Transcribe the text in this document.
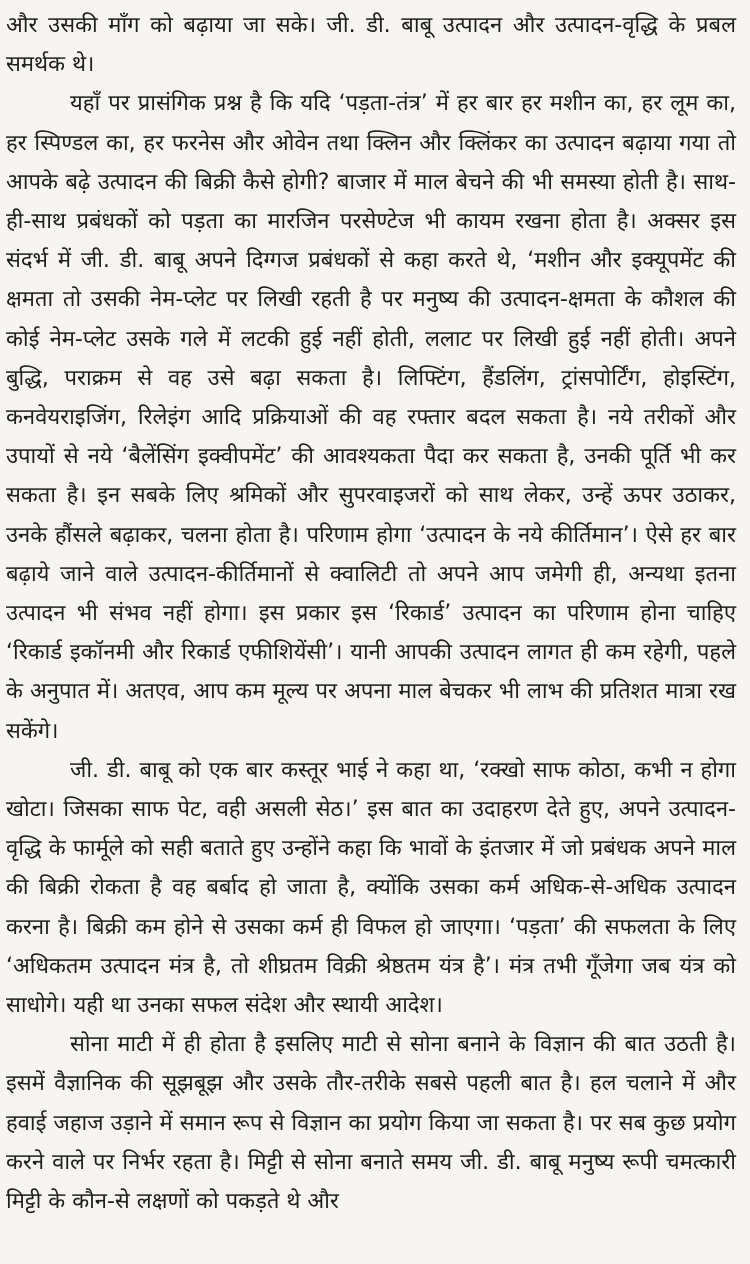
और उसकी माँग को बढ़ाया जा सके। जी. डी. बाबू उत्पादन और उत्पादन-वृद्धि के प्रबल समर्थक थे।

यहाँ पर प्रासंगिक प्रश्न है कि यदि ‘पड़ता-तंत्र’ में हर बार हर मशीन का, हर लूम का, हर स्पिण्डल का, हर फरनेस और ओवेन तथा क्लिन और क्लिंकर का उत्पादन बढ़ाया गया तो आपके बढ़े उत्पादन की बिक्री कैसे होगी? बाजार में माल बेचने की भी समस्या होती है। साथ-ही-साथ प्रबंधकों को पड़ता का मारजिन परसेण्टेज भी कायम रखना होता है। अक्सर इस संदर्भ में जी. डी. बाबू अपने दिग्गज प्रबंधकों से कहा करते थे, ‘मशीन और इक्यूपमेंट की क्षमता तो उसकी नेम-प्लेट पर लिखी रहती है पर मनुष्य की उत्पादन-क्षमता के कौशल की कोई नेम-प्लेट उसके गले में लटकी हुई नहीं होती, ललाट पर लिखी हुई नहीं होती। अपने बुद्धि, पराक्रम से वह उसे बढ़ा सकता है। लिफ्टिंग, हैंडलिंग, ट्रांसपोर्टिंग, होइस्टिंग, कनवेयराइजिंग, रिलेइंग आदि प्रक्रियाओं की वह रफ्तार बदल सकता है। नये तरीकों और उपायों से नये ‘बैलेंसिंग इक्वीपमेंट’ की आवश्यकता पैदा कर सकता है, उनकी पूर्ति भी कर सकता है। इन सबके लिए श्रमिकों और सुपरवाइजरों को साथ लेकर, उन्हें ऊपर उठाकर, उनके हौंसले बढ़ाकर, चलना होता है। परिणाम होगा ‘उत्पादन के नये कीर्तिमान’। ऐसे हर बार बढ़ाये जाने वाले उत्पादन-कीर्तिमानों से क्वालिटी तो अपने आप जमेगी ही, अन्यथा इतना उत्पादन भी संभव नहीं होगा। इस प्रकार इस ‘रिकार्ड’ उत्पादन का परिणाम होना चाहिए ‘रिकार्ड इकॉनमी और रिकार्ड एफीशियेंसी’। यानी आपकी उत्पादन लागत ही कम रहेगी, पहले के अनुपात में। अतएव, आप कम मूल्य पर अपना माल बेचकर भी लाभ की प्रतिशत मात्रा रख सकेंगे।

जी. डी. बाबू को एक बार कस्तूर भाई ने कहा था, ‘रक्खो साफ कोठा, कभी न होगा खोटा। जिसका साफ पेट, वही असली सेठ।’ इस बात का उदाहरण देते हुए, अपने उत्पादन-वृद्धि के फार्मूले को सही बताते हुए उन्होंने कहा कि भावों के इंतजार में जो प्रबंधक अपने माल की बिक्री रोकता है वह बर्बाद हो जाता है, क्योंकि उसका कर्म अधिक-से-अधिक उत्पादन करना है। बिक्री कम होने से उसका कर्म ही विफल हो जाएगा। ‘पड़ता’ की सफलता के लिए ‘अधिकतम उत्पादन मंत्र है, तो शीघ्रतम विक्री श्रेष्ठतम यंत्र है’। मंत्र तभी गूँजेगा जब यंत्र को साधोगे। यही था उनका सफल संदेश और स्थायी आदेश।

सोना माटी में ही होता है इसलिए माटी से सोना बनाने के विज्ञान की बात उठती है। इसमें वैज्ञानिक की सूझबूझ और उसके तौर-तरीके सबसे पहली बात है। हल चलाने में और हवाई जहाज उड़ाने में समान रूप से विज्ञान का प्रयोग किया जा सकता है। पर सब कुछ प्रयोग करने वाले पर निर्भर रहता है। मिट्टी से सोना बनाते समय जी. डी. बाबू मनुष्य रूपी चमत्कारी मिट्टी के कौन-से लक्षणों को पकड़ते थे और
